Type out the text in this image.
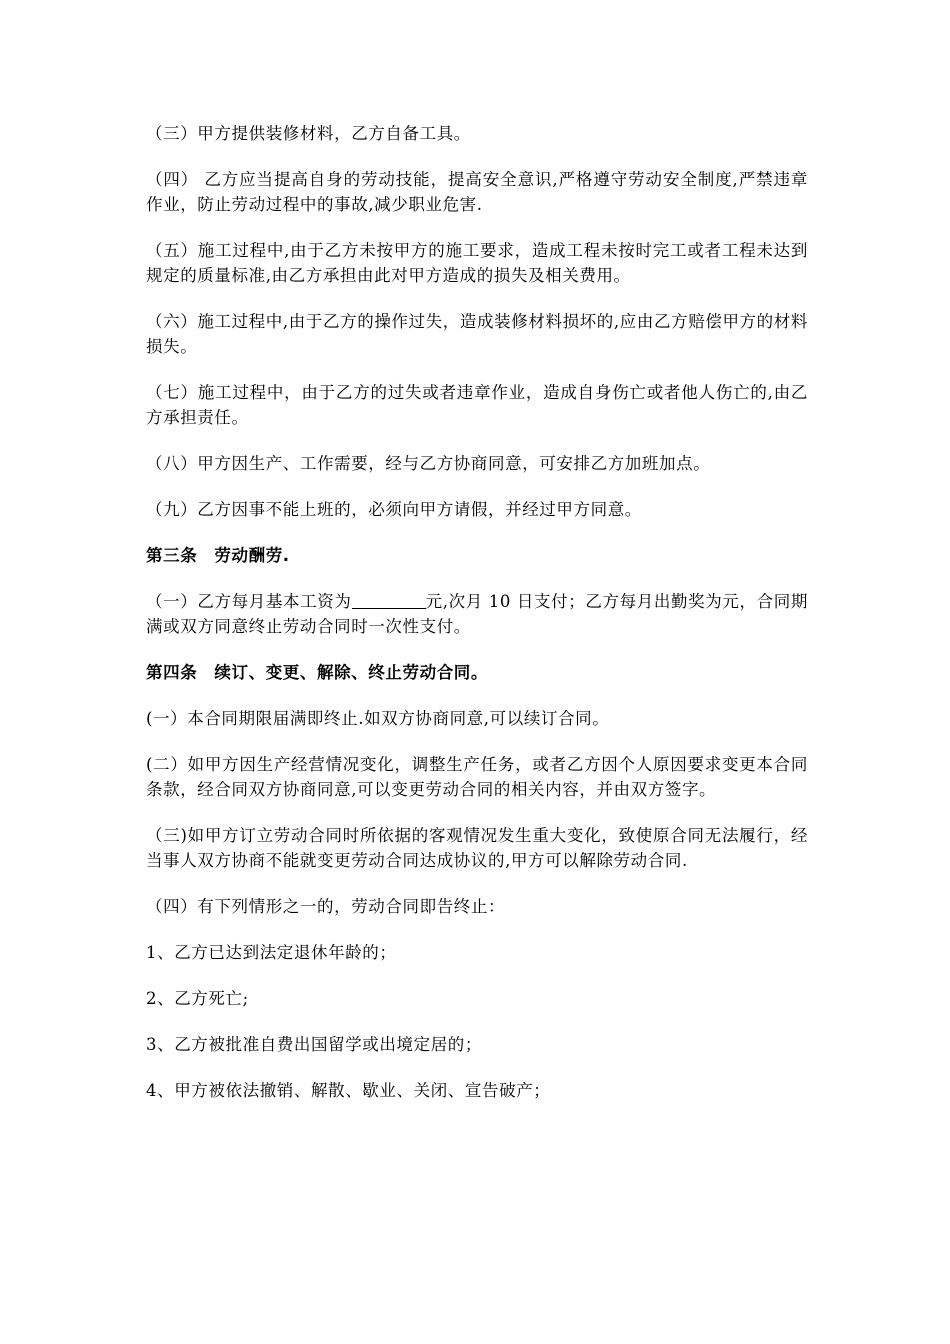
（三）甲方提供装修材料，乙方自备工具。

（四） 乙方应当提高自身的劳动技能，提高安全意识,严格遵守劳动安全制度,严禁违章作业，防止劳动过程中的事故,减少职业危害.

（五）施工过程中,由于乙方未按甲方的施工要求，造成工程未按时完工或者工程未达到规定的质量标准,由乙方承担由此对甲方造成的损失及相关费用。

（六）施工过程中,由于乙方的操作过失，造成装修材料损坏的,应由乙方赔偿甲方的材料损失。

（七）施工过程中，由于乙方的过失或者违章作业，造成自身伤亡或者他人伤亡的,由乙方承担责任。

（八）甲方因生产、工作需要，经与乙方协商同意，可安排乙方加班加点。

（九）乙方因事不能上班的，必须向甲方请假，并经过甲方同意。

第三条　劳动酬劳.

（一）乙方每月基本工资为	元,次月 10 日支付；乙方每月出勤奖为元，合同期满或双方同意终止劳动合同时一次性支付。

第四条　续订、变更、解除、终止劳动合同。

(一）本合同期限届满即终止.如双方协商同意,可以续订合同。

(二）如甲方因生产经营情况变化，调整生产任务，或者乙方因个人原因要求变更本合同条款，经合同双方协商同意,可以变更劳动合同的相关内容，并由双方签字。

（三)如甲方订立劳动合同时所依据的客观情况发生重大变化，致使原合同无法履行，经当事人双方协商不能就变更劳动合同达成协议的,甲方可以解除劳动合同.

（四）有下列情形之一的，劳动合同即告终止：

1、乙方已达到法定退休年龄的；

2、乙方死亡;

3、乙方被批准自费出国留学或出境定居的；

4、甲方被依法撤销、解散、歇业、关闭、宣告破产；
